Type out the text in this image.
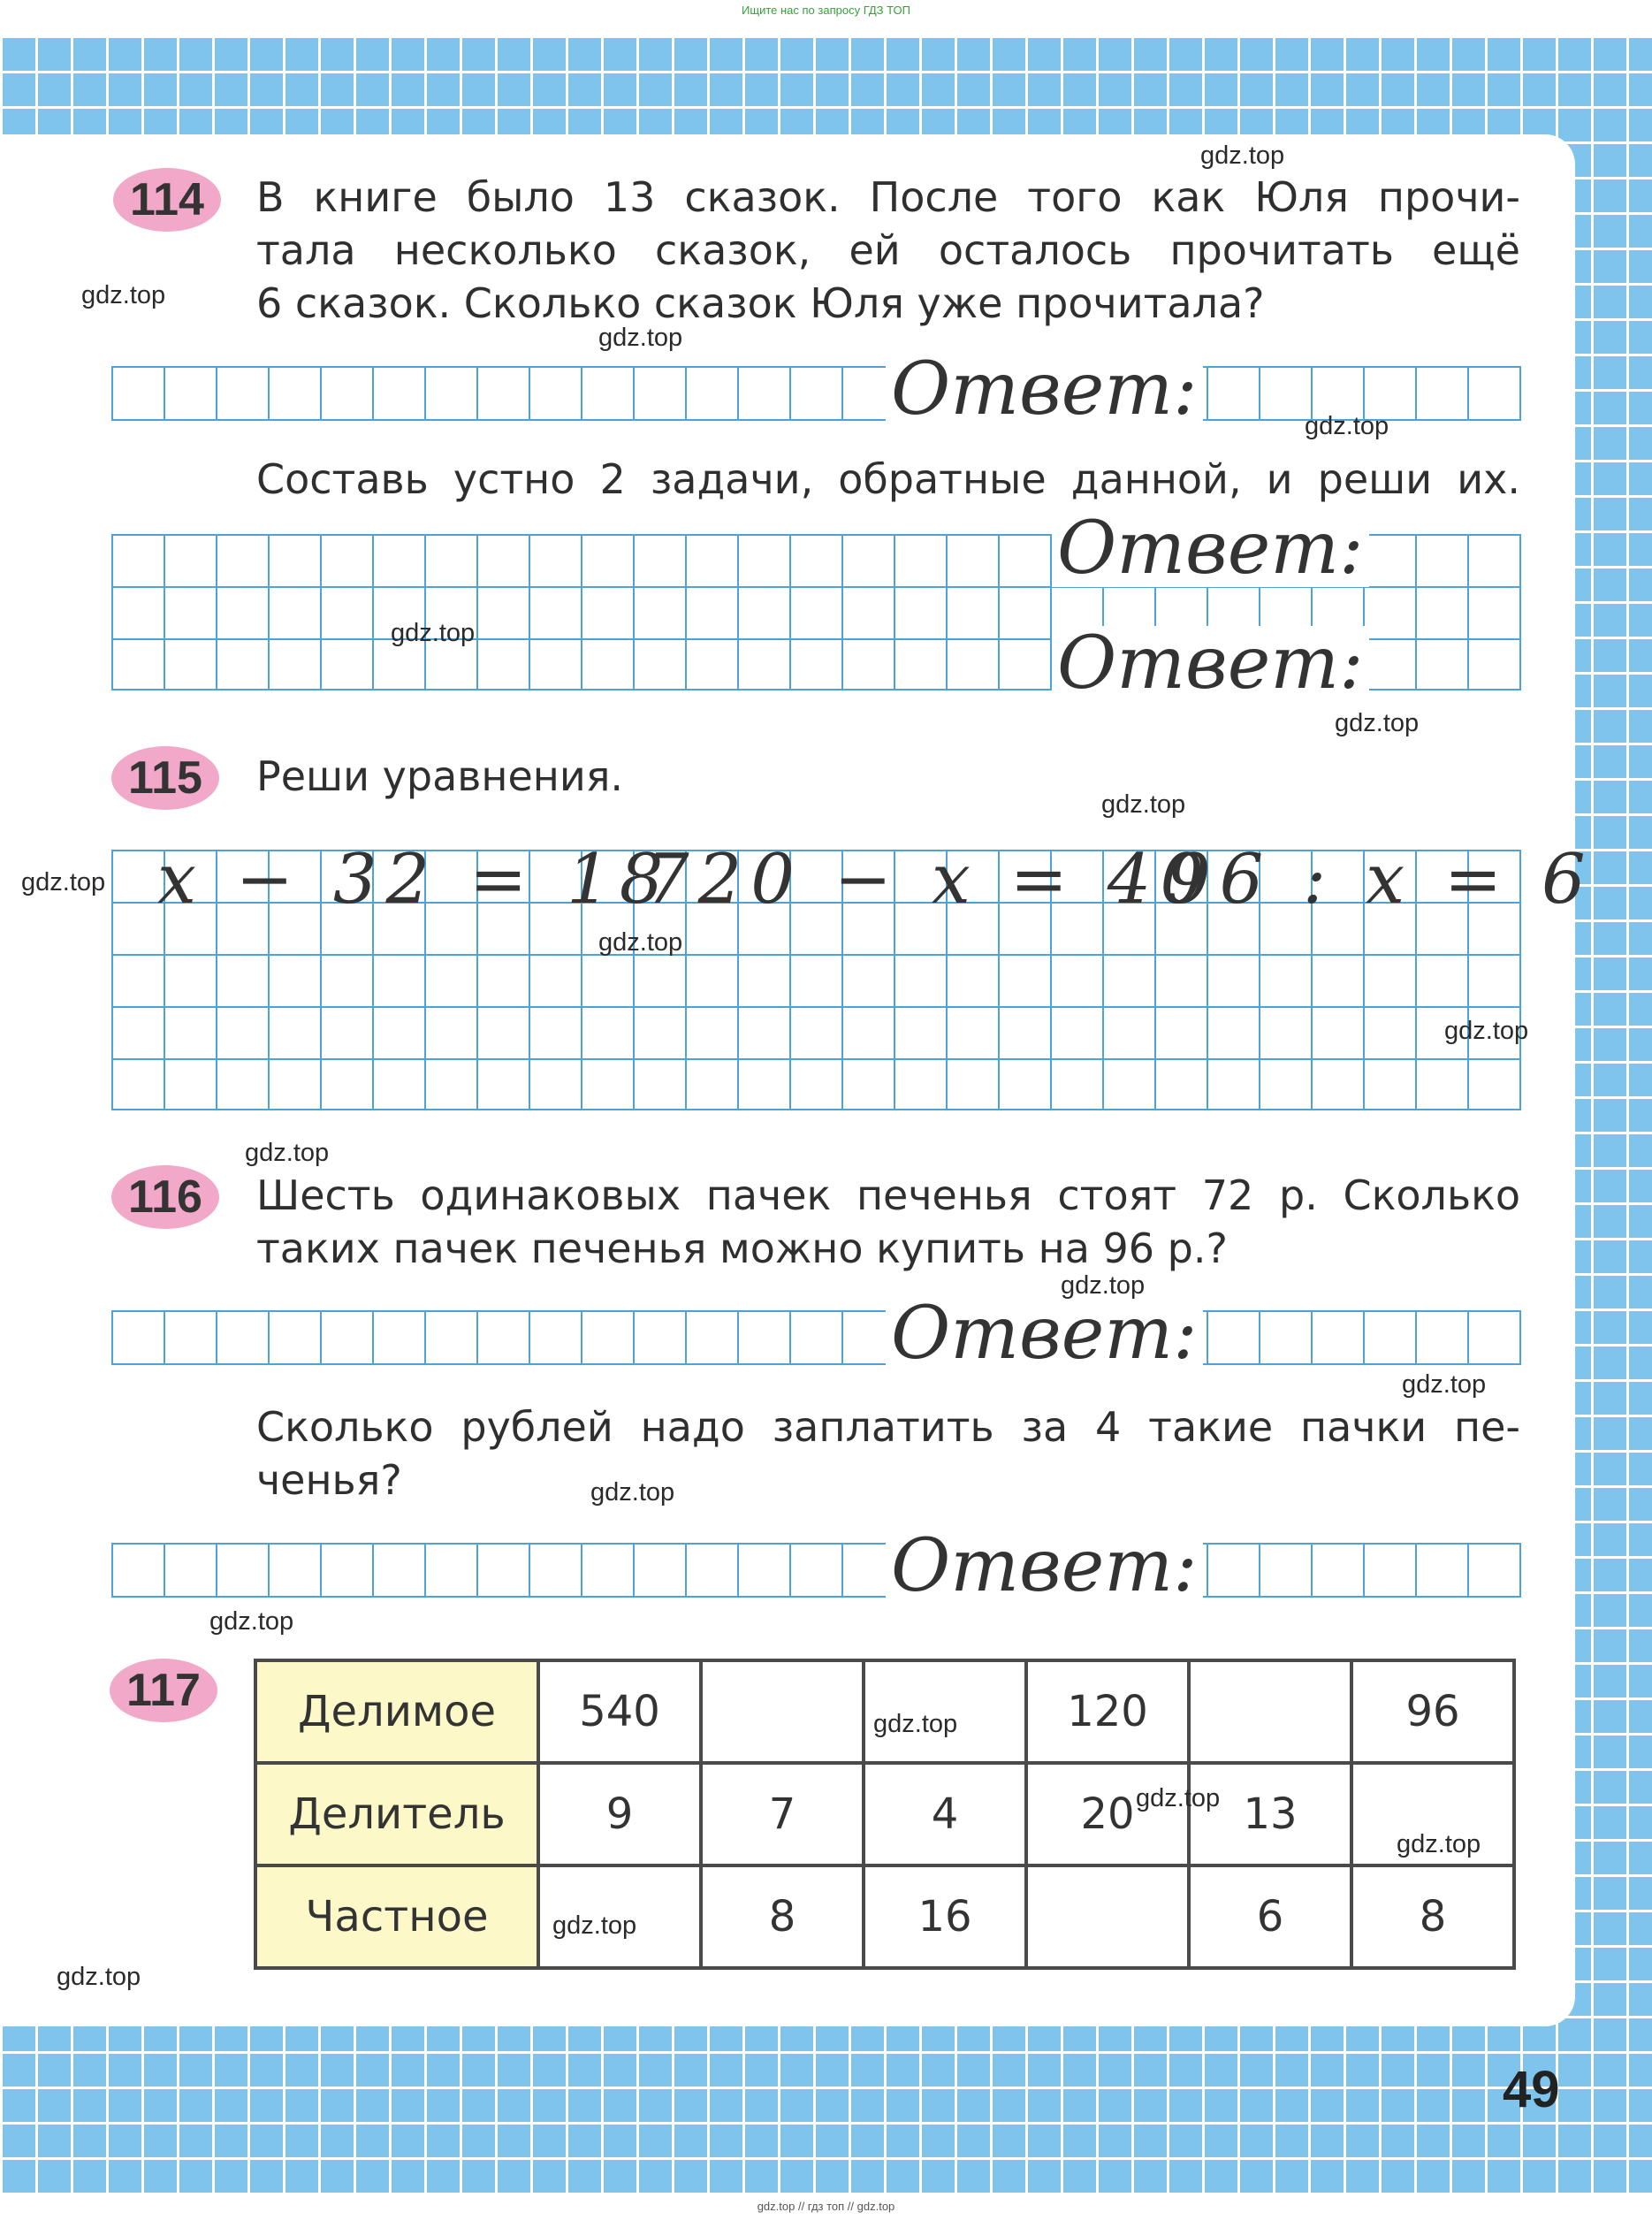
Ищите нас по запросу ГДЗ ТОП
114	В книге было 13 сказок. После того как Юля прочи-
тала несколько сказок, ей осталось прочитать ещё
6 сказок. Сколько сказок Юля уже прочитала?
Ответ:
Составь устно 2 задачи, обратные данной, и реши их.
Ответ:
Ответ:
115	Реши уравнения.
x − 32 = 18
720 − x = 40
96 : x = 6
116	Шесть одинаковых пачек печенья стоят 72 р. Сколько
таких пачек печенья можно купить на 96 р.?
Ответ:
Сколько рублей надо заплатить за 4 такие пачки пе-
ченья?
Ответ:
117	Делимое	540			120		96
Делитель	9	7	4	20	13	
Частное		8	16		6	8
49
gdz.top // гдз топ // gdz.top
gdz.top
gdz.top
gdz.top
gdz.top
gdz.top
gdz.top
gdz.top
gdz.top
gdz.top
gdz.top
gdz.top
gdz.top
gdz.top
gdz.top
gdz.top
gdz.top
gdz.top
gdz.top
gdz.top
gdz.top
